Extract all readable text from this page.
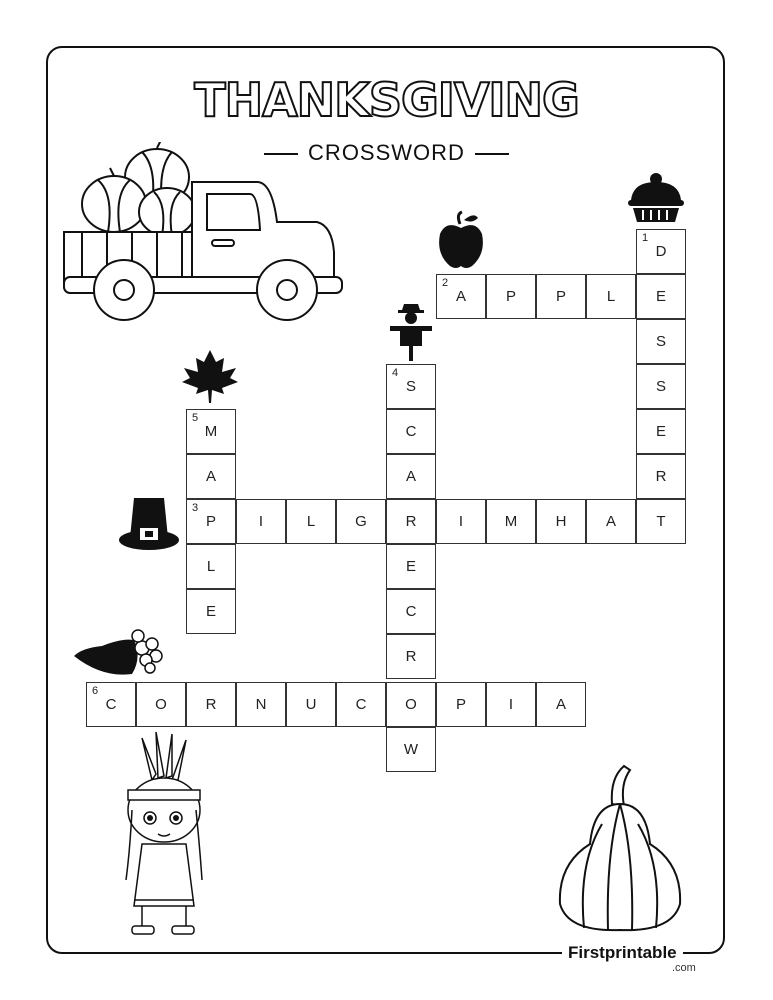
THANKSGIVING
CROSSWORD
1
D
E
S
S
E
R
T
2
A	P	P	L
3
P	I	L	G	R	I	M	H	A
4
S
C
A
E
C
R
W
5
M
A
L
E
6
C	O	R	N	U	C	O	P	I	A
Firstprintable
.com
